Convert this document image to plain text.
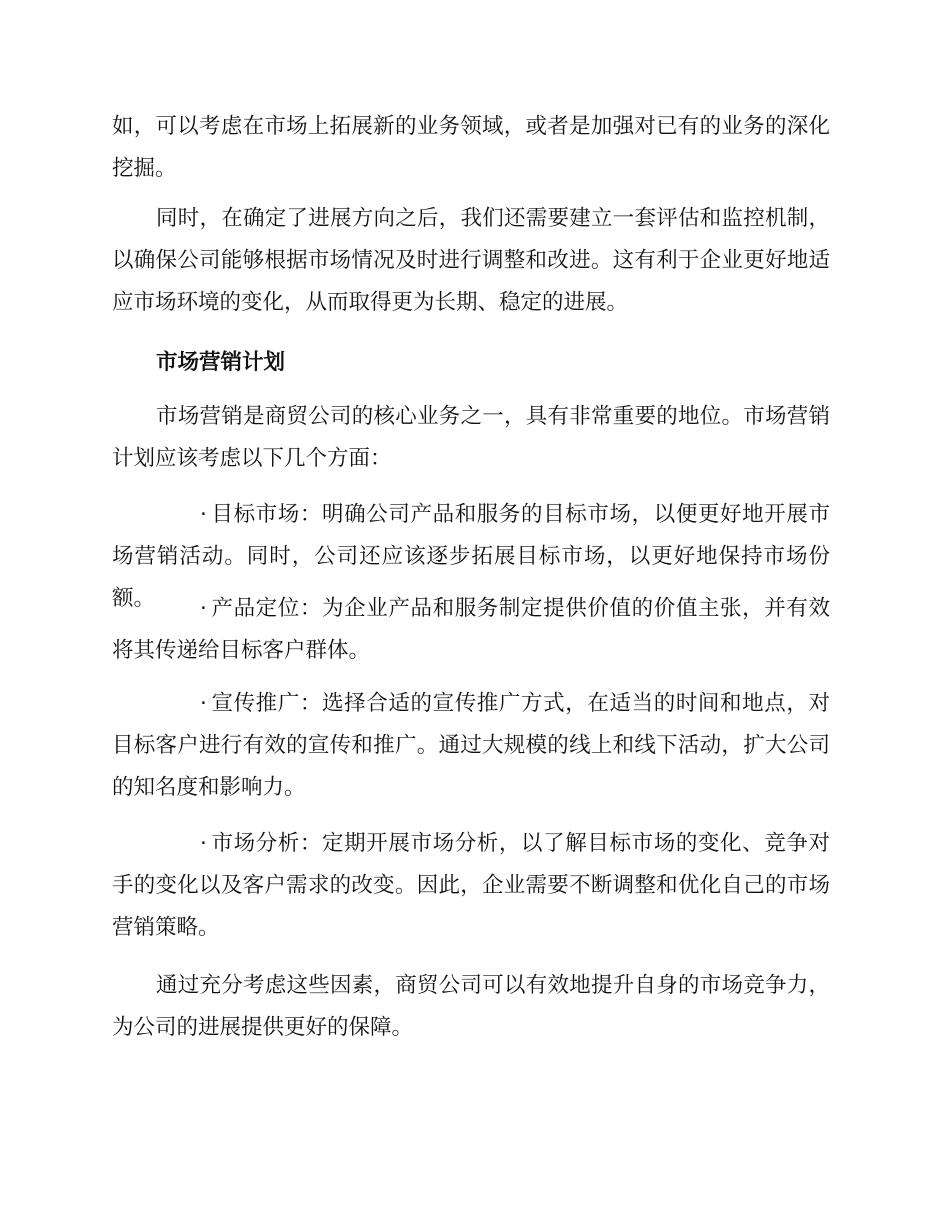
如，可以考虑在市场上拓展新的业务领域，或者是加强对已有的业务的深化挖掘。

同时，在确定了进展方向之后，我们还需要建立一套评估和监控机制，以确保公司能够根据市场情况及时进行调整和改进。这有利于企业更好地适应市场环境的变化，从而取得更为长期、稳定的进展。

市场营销计划

市场营销是商贸公司的核心业务之一，具有非常重要的地位。市场营销计划应该考虑以下几个方面：

· 目标市场：明确公司产品和服务的目标市场，以便更好地开展市场营销活动。同时，公司还应该逐步拓展目标市场，以更好地保持市场份额。	· 产品定位：为企业产品和服务制定提供价值的价值主张，并有效将其传递给目标客户群体。

· 宣传推广：选择合适的宣传推广方式，在适当的时间和地点，对目标客户进行有效的宣传和推广。通过大规模的线上和线下活动，扩大公司的知名度和影响力。

· 市场分析：定期开展市场分析，以了解目标市场的变化、竞争对手的变化以及客户需求的改变。因此，企业需要不断调整和优化自己的市场营销策略。

通过充分考虑这些因素，商贸公司可以有效地提升自身的市场竞争力，为公司的进展提供更好的保障。
